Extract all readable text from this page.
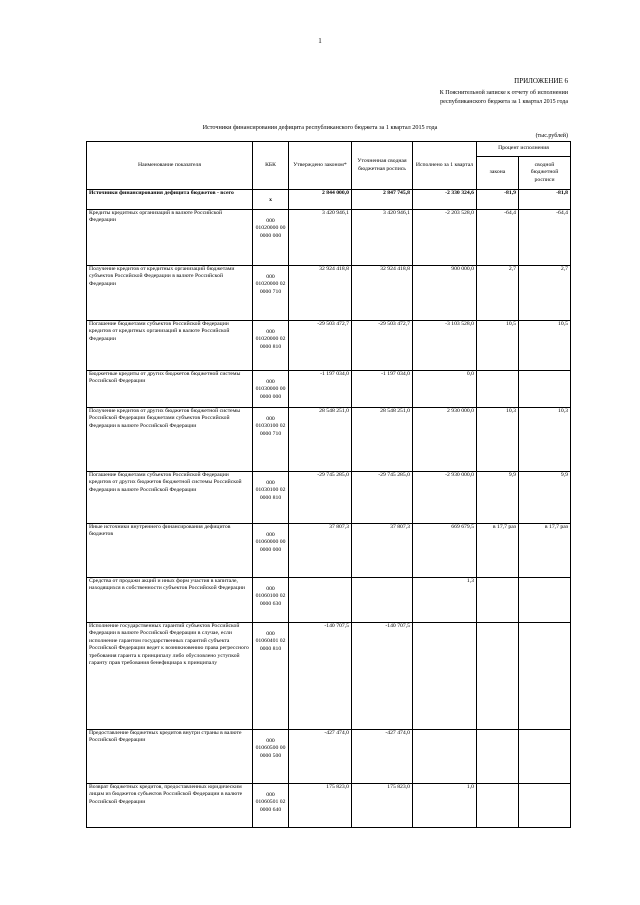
1
ПРИЛОЖЕНИЕ 6
К Пояснительной записке к отчету об исполнении
республиканского бюджета за 1 квартал 2015 года
Источники финансирования дефицита республиканского бюджета за 1 квартал 2015 года
(тыс.рублей)
Наименование показателя	КБК	Утверждено законом*	Уточненная сводная бюджетная роспись	Исполнено за 1 квартал	Процент исполнения	
					закона	сводной бюджетной росписи
Источники финансирования дефицита бюджетов - всего	x	2 844 000,0	2 847 745,8	-2 330 324,6	-81,9	-81,8
Кредиты кредитных организаций в валюте Российской Федерации	000 01020000 00 0000 000	3 420 946,1	3 420 946,1	-2 203 528,0	-64,4	-64,4
Получение кредитов от кредитных организаций бюджетами субъектов Российской Федерации в валюте Российской Федерации	000 01020000 02 0000 710	32 924 418,8	32 924 418,8	900 000,0	2,7	2,7
Погашение бюджетами субъектов Российской Федерации кредитов от кредитных организаций в валюте Российской Федерации	000 01020000 02 0000 810	-29 503 472,7	-29 503 472,7	-3 103 528,0	10,5	10,5
Бюджетные кредиты от других бюджетов бюджетной системы Российской Федерации	000 01030000 00 0000 000	-1 197 034,0	-1 197 034,0	0,0		
Получение кредитов от других бюджетов бюджетной системы Российской Федерации бюджетами субъектов Российской Федерации в валюте Российской Федерации	000 01030100 02 0000 710	28 548 251,0	28 548 251,0	2 930 000,0	10,3	10,3
Погашение бюджетами субъектов Российской Федерации кредитов от других бюджетов бюджетной системы Российской Федерации в валюте Российской Федерации	000 01030100 02 0000 810	-29 745 285,0	-29 745 285,0	-2 930 000,0	9,9	9,9
Иные источники внутреннего финансирования дефицитов бюджетов	000 01060000 00 0000 000	37 807,3	37 807,3	669 679,5	в 17,7 раз	в 17,7 раз
Средства от продажи акций и иных форм участия в капитале, находящихся в собственности субъектов Российской Федерации	000 01060100 02 0000 630			1,3		
Исполнение государственных гарантий субъектов Российской Федерации в валюте Российской Федерации в случае, если исполнение гарантом государственных гарантий субъекта Российской Федерации ведет к возникновению права регрессного требования гаранта к принципалу либо обусловлено уступкой гаранту прав требования бенефициара к принципалу	000 01060401 02 0000 810	-140 707,5	-140 707,5			
Предоставление бюджетных кредитов внутри страны в валюте Российской Федерации	000 01060500 00 0000 500	-427 474,0	-427 474,0			
Возврат бюджетных кредитов, предоставленных юридическим лицам из бюджетов субъектов Российской Федерации в валюте Российской Федерации	000 01060501 02 0000 640	175 823,0	175 823,0	1,0		
